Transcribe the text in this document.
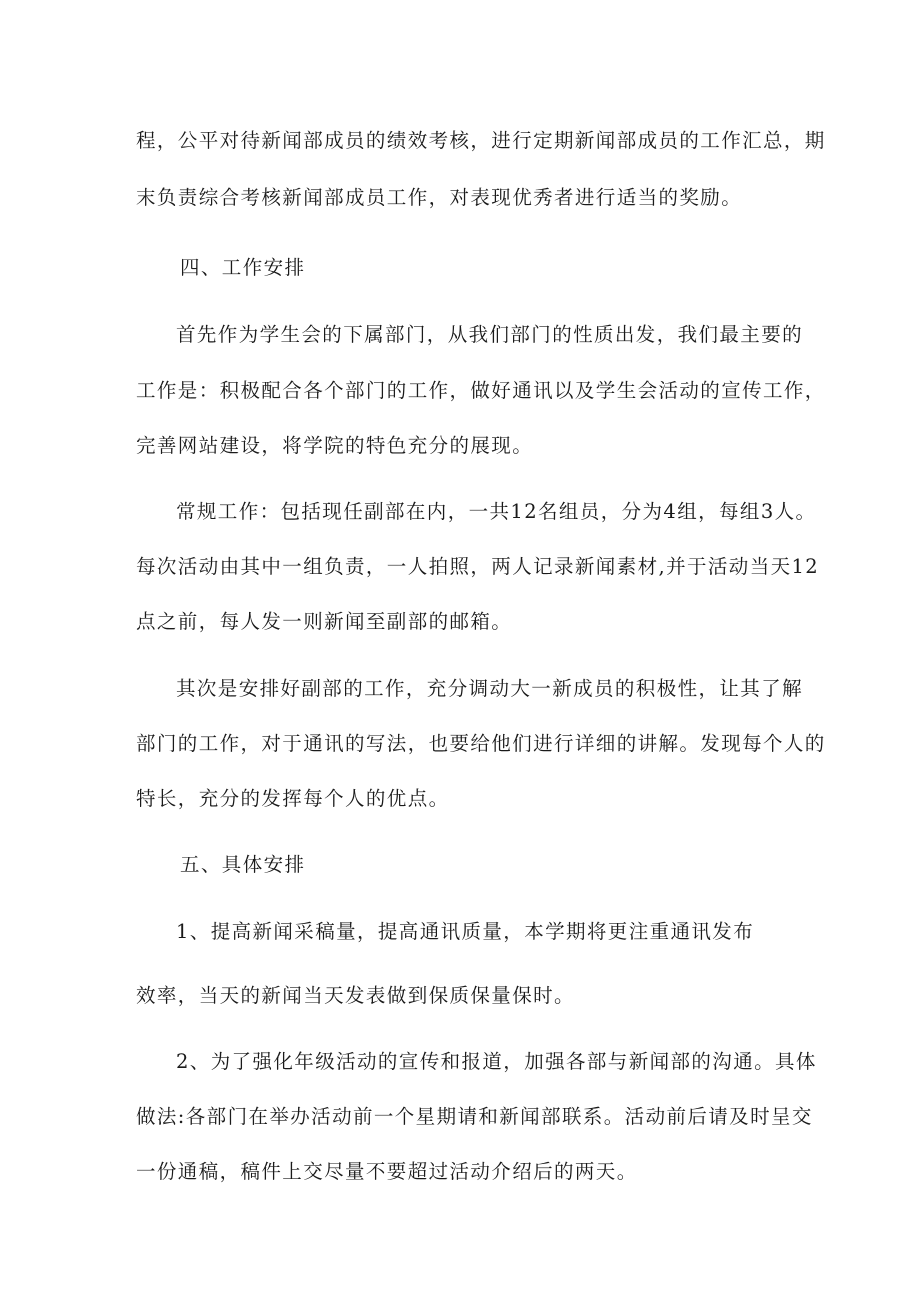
程，公平对待新闻部成员的绩效考核，进行定期新闻部成员的工作汇总，期
末负责综合考核新闻部成员工作，对表现优秀者进行适当的奖励。
四、工作安排
首先作为学生会的下属部门，从我们部门的性质出发，我们最主要的
工作是：积极配合各个部门的工作，做好通讯以及学生会活动的宣传工作，
完善网站建设，将学院的特色充分的展现。
常规工作：包括现任副部在内，一共12名组员，分为4组，每组3人。
每次活动由其中一组负责，一人拍照，两人记录新闻素材,并于活动当天12
点之前，每人发一则新闻至副部的邮箱。
其次是安排好副部的工作，充分调动大一新成员的积极性，让其了解
部门的工作，对于通讯的写法，也要给他们进行详细的讲解。发现每个人的
特长，充分的发挥每个人的优点。
五、具体安排
1、提高新闻采稿量，提高通讯质量，本学期将更注重通讯发布
效率，当天的新闻当天发表做到保质保量保时。
2、为了强化年级活动的宣传和报道，加强各部与新闻部的沟通。具体
做法:各部门在举办活动前一个星期请和新闻部联系。活动前后请及时呈交
一份通稿，稿件上交尽量不要超过活动介绍后的两天。
